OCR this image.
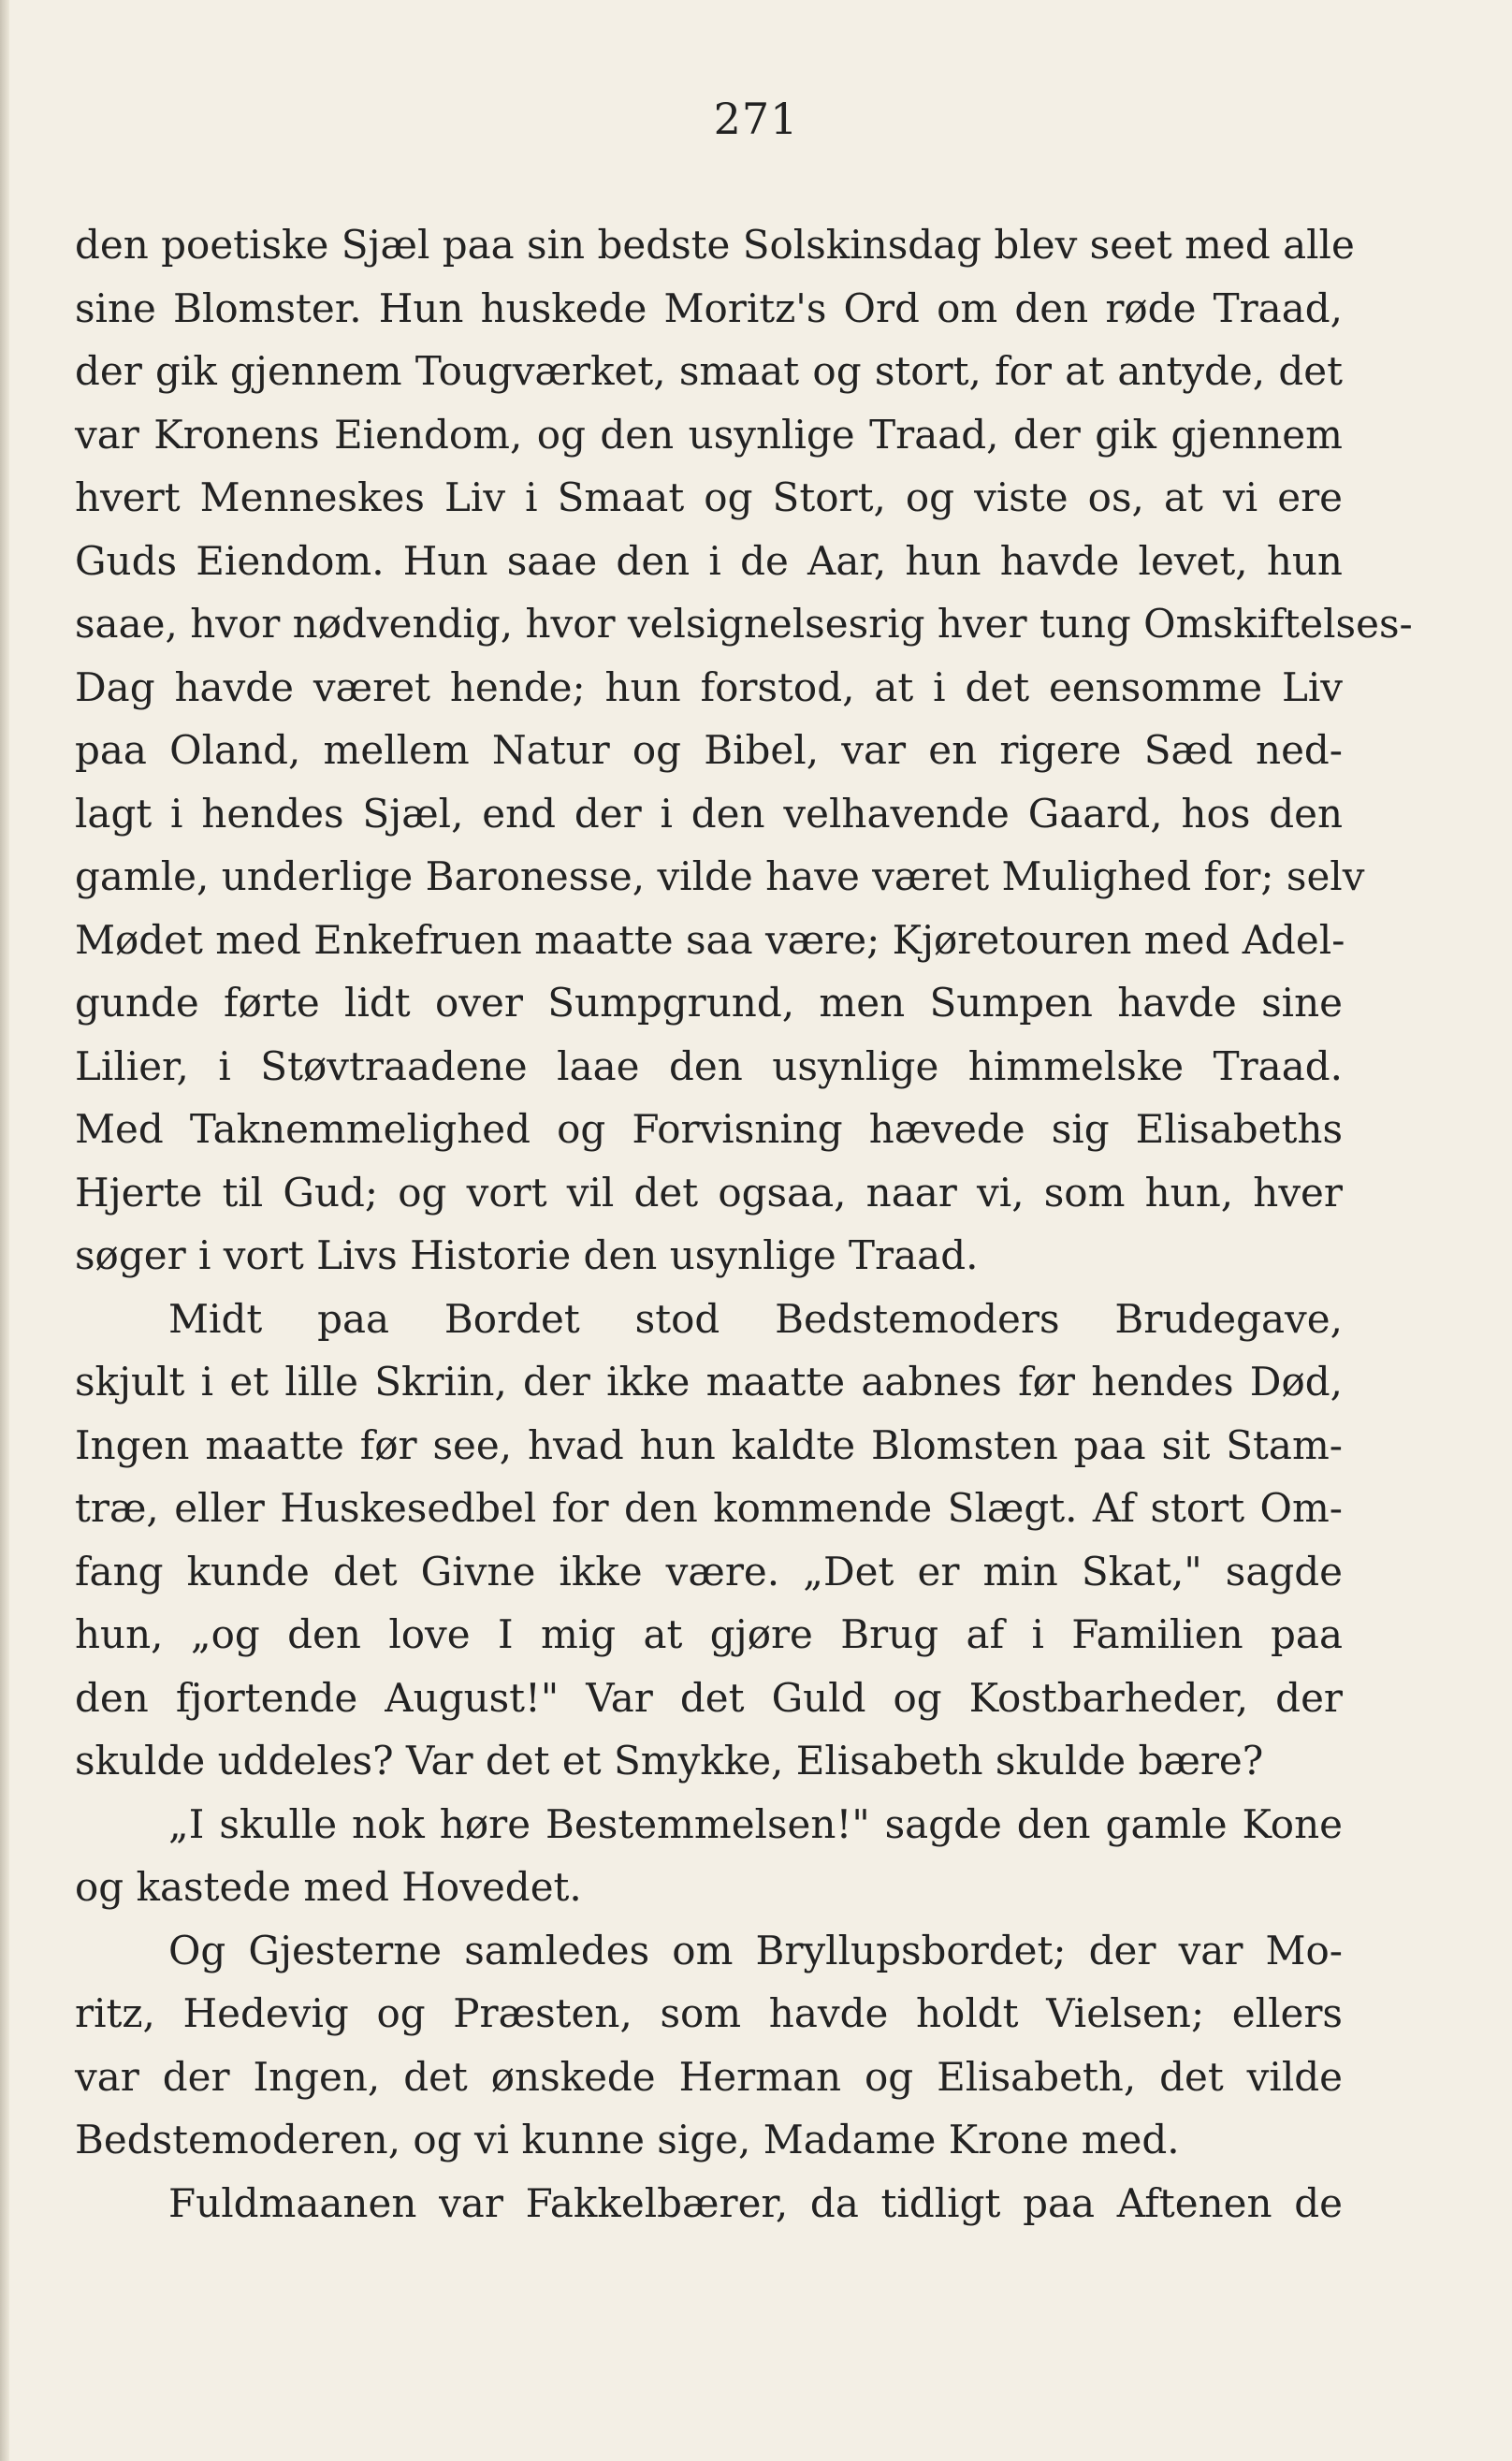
271
den poetiske Sjæl paa sin bedste Solskinsdag blev seet med alle
sine Blomster. Hun huskede Moritz's Ord om den røde Traad,
der gik gjennem Tougværket, smaat og stort, for at antyde, det
var Kronens Eiendom, og den usynlige Traad, der gik gjennem
hvert Menneskes Liv i Smaat og Stort, og viste os, at vi ere
Guds Eiendom. Hun saae den i de Aar, hun havde levet, hun
saae, hvor nødvendig, hvor velsignelsesrig hver tung Omskiftelses-
Dag havde været hende; hun forstod, at i det eensomme Liv
paa Oland, mellem Natur og Bibel, var en rigere Sæd ned-
lagt i hendes Sjæl, end der i den velhavende Gaard, hos den
gamle, underlige Baronesse, vilde have været Mulighed for; selv
Mødet med Enkefruen maatte saa være; Kjøretouren med Adel-
gunde førte lidt over Sumpgrund, men Sumpen havde sine
Lilier, i Støvtraadene laae den usynlige himmelske Traad.
Med Taknemmelighed og Forvisning hævede sig Elisabeths
Hjerte til Gud; og vort vil det ogsaa, naar vi, som hun, hver
søger i vort Livs Historie den usynlige Traad.
Midt paa Bordet stod Bedstemoders Brudegave,
skjult i et lille Skriin, der ikke maatte aabnes før hendes Død,
Ingen maatte før see, hvad hun kaldte Blomsten paa sit Stam-
træ, eller Huskesedbel for den kommende Slægt. Af stort Om-
fang kunde det Givne ikke være. „Det er min Skat," sagde
hun, „og den love I mig at gjøre Brug af i Familien paa
den fjortende August!" Var det Guld og Kostbarheder, der
skulde uddeles? Var det et Smykke, Elisabeth skulde bære?
„I skulle nok høre Bestemmelsen!" sagde den gamle Kone
og kastede med Hovedet.
Og Gjesterne samledes om Bryllupsbordet; der var Mo-
ritz, Hedevig og Præsten, som havde holdt Vielsen; ellers
var der Ingen, det ønskede Herman og Elisabeth, det vilde
Bedstemoderen, og vi kunne sige, Madame Krone med.
Fuldmaanen var Fakkelbærer, da tidligt paa Aftenen de
